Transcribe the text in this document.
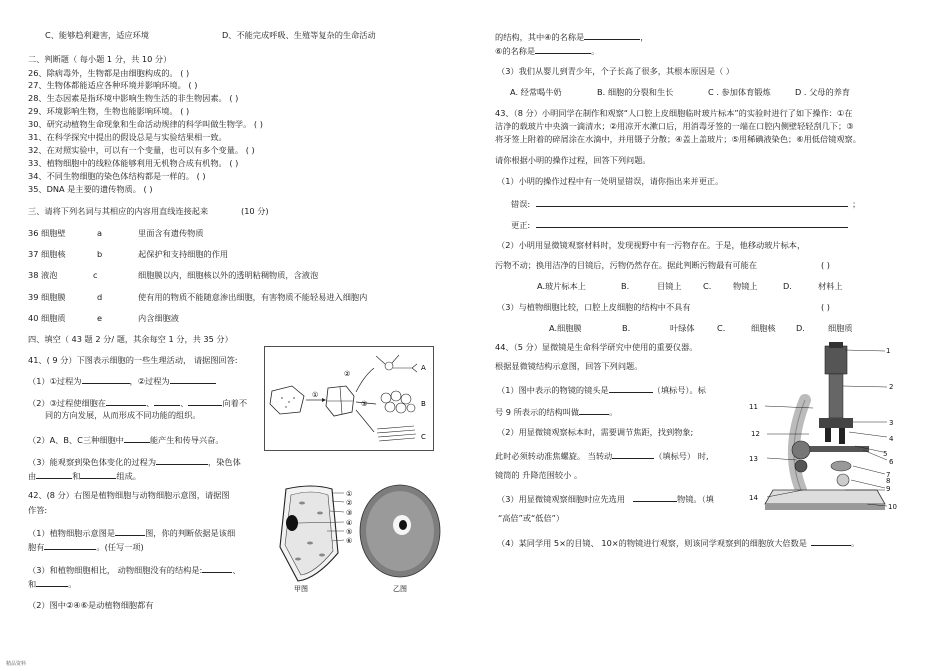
C、能够趋利避害，适应环境	D、不能完成呼吸、生殖等复杂的生命活动
二、判断题（ 每小题 1 分，共 10 分）
26、除病毒外，生物都是由细胞构成的。 ( )
27、生物体都能适应各种环境并影响环境。 ( )
28、生态因素是指环境中影响生物生活的非生物因素。 ( )
29、环境影响生物，生物也能影响环境。 ( )
30、研究动植物生命现象和生命活动规律的科学叫做生物学。 ( )
31、在科学探究中提出的假设总是与实验结果相一致。
32、在对照实验中，可以有一个变量，也可以有多个变量。 ( )
33、植物细胞中的线粒体能够利用无机物合成有机物。 ( )
34、不同生物细胞的染色体结构都是一样的。 ( )
35、DNA 是主要的遗传物质。 ( )
三、请将下列名词与其相应的内容用直线连接起来	(10 分)
36 细胞壁	a	里面含有遗传物质
37 细胞核	b	起保护和支持细胞的作用
38 液泡	c	细胞膜以内，细胞核以外的透明粘稠物质，含液泡
39 细胞膜	d	使有用的物质不能随意渗出细胞，有害物质不能轻易进入细胞内
40 细胞质	e	内含细胞液
四、填空（ 43 题 2 分/ 题，其余每空 1 分，共 35 分）
41、( 9 分）下图表示细胞的一些生理活动， 请据图回答:
（1）①过程为	，②过程为
（2）③过程使细胞在	、	、	向着不
同的方向发展，从而形成不同功能的组织。
（2）A、B、C三种细胞中	能产生和传导兴奋。
（3）能观察到染色体变化的过程为	，染色体
由	和	组成。
42、(8 分）右图是植物细胞与动物细胞示意图，请据图
作答:
（1）植物细胞示意图是	图，你的判断依据是该细
胞有	。(任写一项)
（3）和植物细胞相比， 动物细胞没有的结构是:	、
和	。
（2）图中②④⑥是动植物细胞都有
①
②
③
A
B
C
①
②
③
④
⑤
⑥
甲图	乙图
的结构，其中④的名称是	，
⑥的名称是	。
（3）我们从婴儿到青少年，个子长高了很多，其根本原因是（ ）
A. 经常喝牛奶	B. 细胞的分裂和生长	C . 参加体育锻炼	D . 父母的养育
43、（8 分）小明同学在制作和观察“人口腔上皮细胞临时玻片标本”的实验时进行了如下操作：①在
洁净的载玻片中央滴一滴清水；②用凉开水漱口后，用消毒牙签的一端在口腔内侧壁轻轻刮几下；③
将牙签上附着的碎屑涂在水滴中，并用镊子分散；④盖上盖玻片；⑤用稀碘液染色；⑥用低倍镜观察。
请你根据小明的操作过程，回答下列问题。
（1）小明的操作过程中有一处明显错误，请你指出来并更正。
错误:	；
更正:
（2）小明用显微镜观察材料时，发现视野中有一污物存在。于是，他移动玻片标本，
污物不动；换用洁净的目镜后，污物仍然存在。据此判断污物最有可能在	( )
A.玻片标本上	B.	目镜上	C.	物镜上	D.	材料上
（3）与植物细胞比较，口腔上皮细胞的结构中不具有	( )
A.细胞膜	B.	叶绿体	C.	细胞核 D.	细胞质
44、（5 分）显微镜是生命科学研究中使用的重要仪器。
根据显微镜结构示意图，回答下列问题。
（1）图中表示的物镜的镜头是	（填标号）。标
号 9 所表示的结构叫做	。
（2）用显微镜观察标本时，需要调节焦距，找到物象;
此时必须转动准焦螺旋。 当转动	（填标号） 时,
镜筒的 升降范围较小 。
（3）用显微镜观察细胞时应先选用	物镜。（填
“高倍”或“低倍”）
（4）某同学用 5×的目镜、 10×的物镜进行观察，则该同学观察到的细胞放大倍数是	。
1
2
3
4
5
6
7
9
8
10
11
12
13
14
精品资料
